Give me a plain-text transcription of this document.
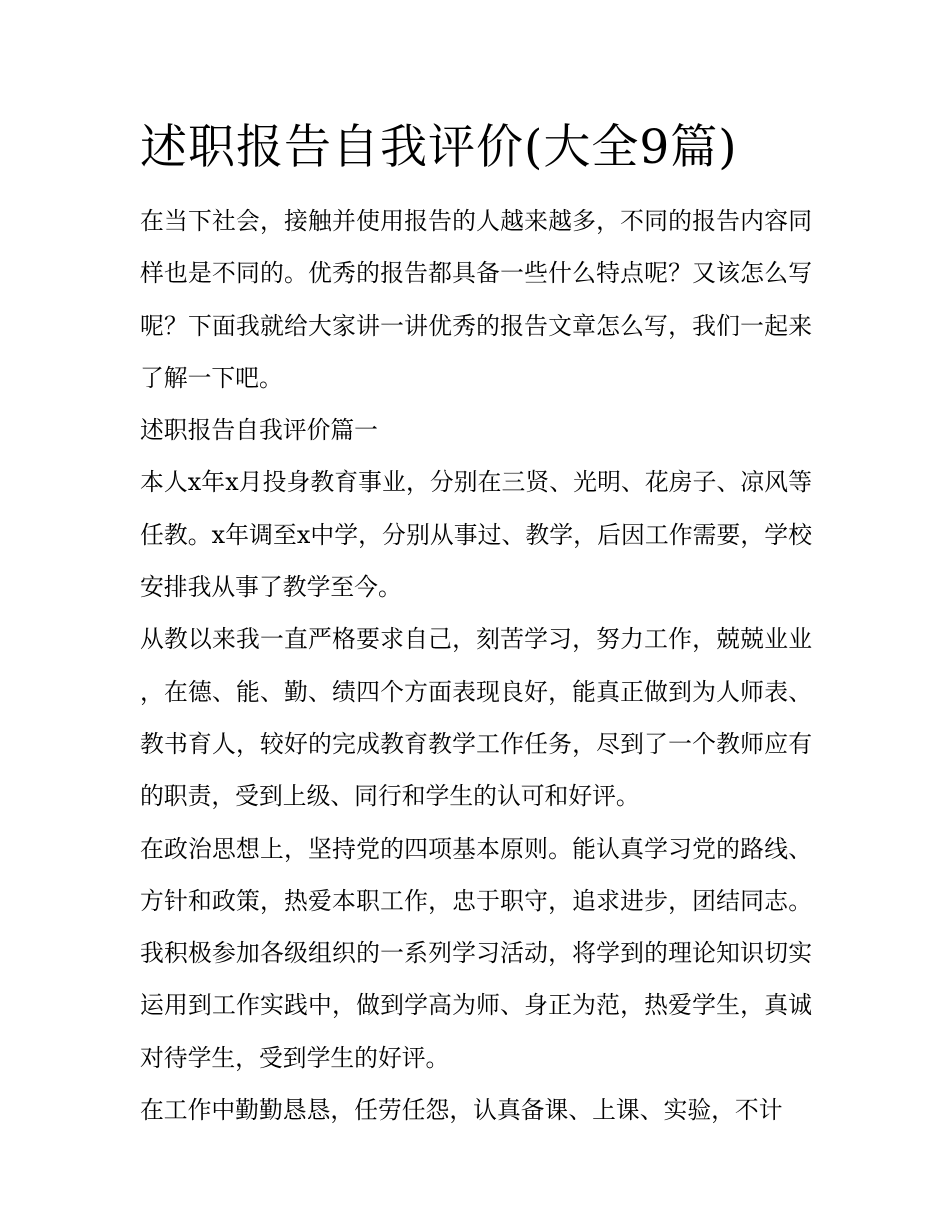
述职报告自我评价(大全9篇)

在当下社会，接触并使用报告的人越来越多，不同的报告内容同样也是不同的。优秀的报告都具备一些什么特点呢？又该怎么写呢？下面我就给大家讲一讲优秀的报告文章怎么写，我们一起来了解一下吧。

述职报告自我评价篇一

本人x年x月投身教育事业，分别在三贤、光明、花房子、凉风等任教。x年调至x中学，分别从事过、教学，后因工作需要，学校安排我从事了教学至今。

从教以来我一直严格要求自己，刻苦学习，努力工作，兢兢业业，在德、能、勤、绩四个方面表现良好，能真正做到为人师表、教书育人，较好的完成教育教学工作任务，尽到了一个教师应有的职责，受到上级、同行和学生的认可和好评。

在政治思想上，坚持党的四项基本原则。能认真学习党的路线、方针和政策，热爱本职工作，忠于职守，追求进步，团结同志。我积极参加各级组织的一系列学习活动，将学到的理论知识切实运用到工作实践中，做到学高为师、身正为范，热爱学生，真诚对待学生，受到学生的好评。

在工作中勤勤恳恳，任劳任怨，认真备课、上课、实验，不计
